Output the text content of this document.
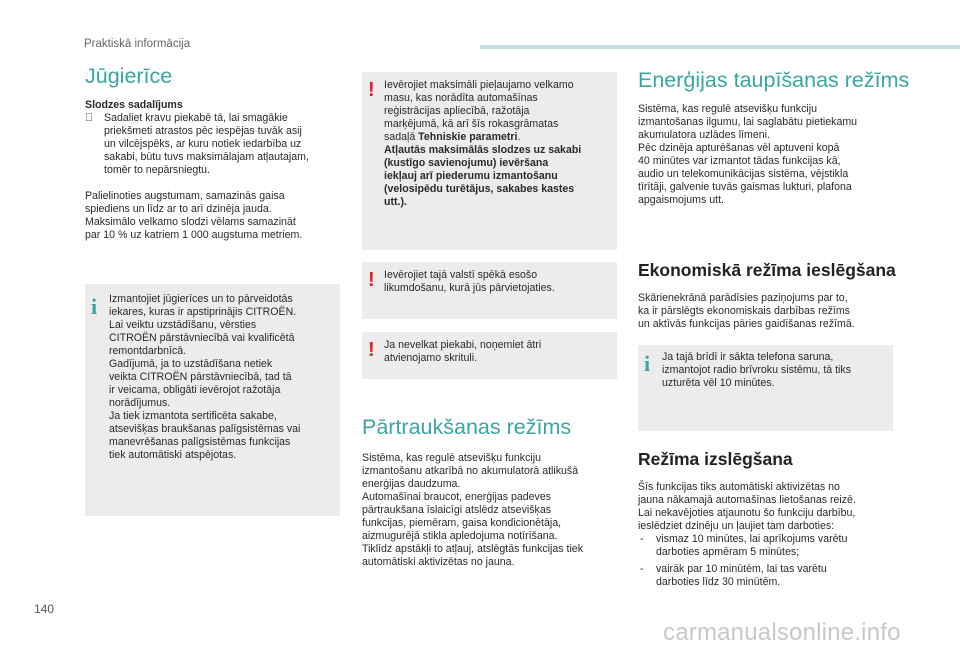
Praktiskā informācija
Jūgierīce
Slodzes sadalījums
Sadaliet kravu piekabē tā, lai smagākie
priekšmeti atrastos pēc iespējas tuvāk asij
un vilcējspēks, ar kuru notiek iedarbība uz
sakabi, būtu tuvs maksimālajam atļautajam,
tomēr to nepārsniegtu.
Palielinoties augstumam, samazinās gaisa
spiediens un līdz ar to arī dzinēja jauda.
Maksimālo velkamo slodzi vēlams samazināt
par 10 % uz katriem 1 000 augstuma metriem.
i Izmantojiet jūgierīces un to pārveidotās
iekares, kuras ir apstiprinājis CITROËN.
Lai veiktu uzstādīšanu, vērsties
CITROËN pārstāvniecībā vai kvalificētā
remontdarbnīcā.
Gadījumā, ja to uzstādīšana netiek
veikta CITROËN pārstāvniecībā, tad tā
ir veicama, obligāti ievērojot ražotāja
norādījumus.
Ja tiek izmantota sertificēta sakabe,
atsevišķas braukšanas palīgsistēmas vai
manevrēšanas palīgsistēmas funkcijas
tiek automātiski atspējotas.
! Ievērojiet maksimāli pieļaujamo velkamo
masu, kas norādīta automašīnas
reģistrācijas apliecībā, ražotāja
marķējumā, kā arī šīs rokasgrāmatas
sadaļā Tehniskie parametri.
Atļautās maksimālās slodzes uz sakabi
(kustīgo savienojumu) ievēršana
iekļauj arī piederumu izmantošanu
(velosipēdu turētājus, sakabes kastes
utt.).
! Ievērojiet tajā valstī spēkā esošo
likumdošanu, kurā jūs pārvietojaties.
! Ja nevelkat piekabi, noņemiet ātri
atvienojamo skrituli.
Pārtraukšanas režīms
Sistēma, kas regulē atsevišķu funkciju
izmantošanu atkarībā no akumulatorā atlikušā
enerģijas daudzuma.
Automašīnai braucot, enerģijas padeves
pārtraukšana īslaicīgi atslēdz atsevišķas
funkcijas, piemēram, gaisa kondicionētāja,
aizmugurējā stikla apledojuma notīrīšana.
Tiklīdz apstākļi to atļauj, atslēgtās funkcijas tiek
automātiski aktivizētas no jauna.
Enerģijas taupīšanas režīms
Sistēma, kas regulē atsevišķu funkciju
izmantošanas ilgumu, lai saglabātu pietiekamu
akumulatora uzlādes līmeni.
Pēc dzinēja apturēšanas vēl aptuveni kopā
40 minūtes var izmantot tādas funkcijas kā,
audio un telekomunikācijas sistēma, vējstikla
tīrītāji, galvenie tuvās gaismas lukturi, plafona
apgaismojums utt.
Ekonomiskā režīma ieslēgšana
Skārienekrānā parādīsies paziņojums par to,
ka ir pārslēgts ekonomiskais darbības režīms
un aktīvās funkcijas pāries gaidīšanas režīmā.
i Ja tajā brīdī ir sākta telefona saruna,
izmantojot radio brīvroku sistēmu, tā tiks
uzturēta vēl 10 minūtes.
Režīma izslēgšana
Šīs funkcijas tiks automātiski aktivizētas no
jauna nākamajā automašīnas lietošanas reizē.
Lai nekavējoties atjaunotu šo funkciju darbību,
ieslēdziet dzinēju un ļaujiet tam darboties:
- vismaz 10 minūtes, lai aprīkojums varētu
darboties apmēram 5 minūtes;
- vairāk par 10 minūtēm, lai tas varētu
darboties līdz 30 minūtēm.
140
carmanualsonline.info
